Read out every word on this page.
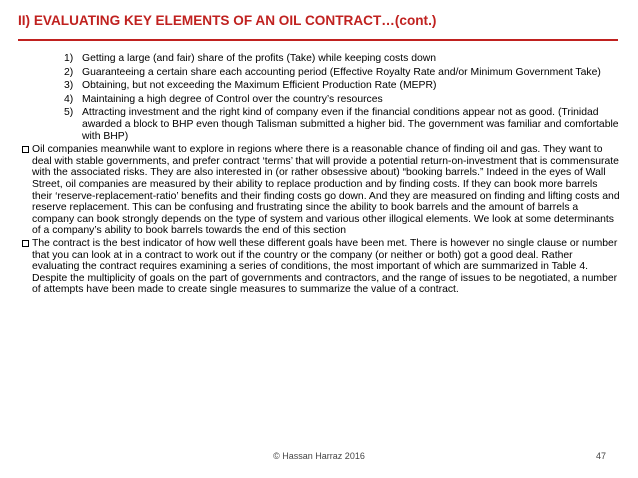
II) EVALUATING KEY ELEMENTS OF AN OIL CONTRACT…(cont.)
1) Getting a large (and fair) share of the profits (Take) while keeping costs down
2) Guaranteeing a certain share each accounting period (Effective Royalty Rate and/or Minimum Government Take)
3) Obtaining, but not exceeding the Maximum Efficient Production Rate (MEPR)
4) Maintaining a high degree of Control over the country’s resources
5) Attracting investment and the right kind of company even if the financial conditions appear not as good. (Trinidad awarded a block to BHP even though Talisman submitted a higher bid. The government was familiar and comfortable with BHP)
Oil companies meanwhile want to explore in regions where there is a reasonable chance of finding oil and gas. They want to deal with stable governments, and prefer contract ‘terms’ that will provide a potential return-on-investment that is commensurate with the associated risks. They are also interested in (or rather obsessive about) “booking barrels.” Indeed in the eyes of Wall Street, oil companies are measured by their ability to replace production and by finding costs. If they can book more barrels their ‘reserve-replacement-ratio’ benefits and their finding costs go down. And they are measured on finding and lifting costs and reserve replacement. This can be confusing and frustrating since the ability to book barrels and the amount of barrels a company can book strongly depends on the type of system and various other illogical elements. We look at some determinants of a company’s ability to book barrels towards the end of this section
The contract is the best indicator of how well these different goals have been met. There is however no single clause or number that you can look at in a contract to work out if the country or the company (or neither or both) got a good deal. Rather evaluating the contract requires examining a series of conditions, the most important of which are summarized in Table 4. Despite the multiplicity of goals on the part of governments and contractors, and the range of issues to be negotiated, a number of attempts have been made to create single measures to summarize the value of a contract.
© Hassan Harraz 2016	47
